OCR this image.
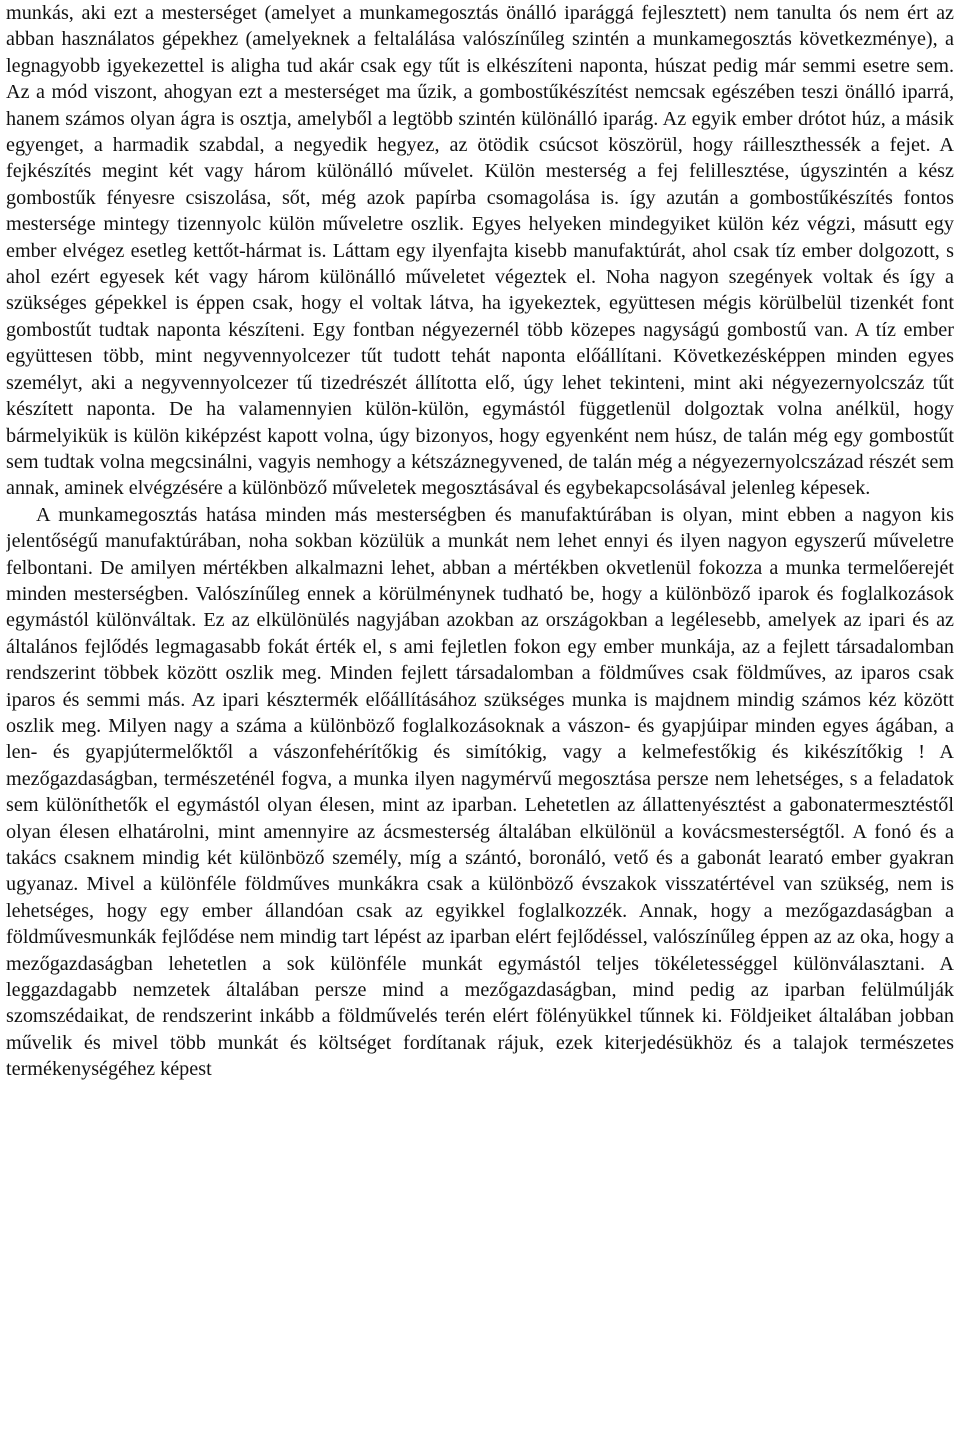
munkás, aki ezt a mesterséget (amelyet a munkamegosztás önálló iparággá fejlesztett) nem tanulta ós nem ért az abban használatos gépekhez (amelyeknek a feltalálása valószínűleg szintén a munkamegosztás következménye), a legnagyobb igyekezettel is aligha tud akár csak egy tűt is elkészíteni naponta, húszat pedig már semmi esetre sem. Az a mód viszont, ahogyan ezt a mesterséget ma űzik, a gombostűkészítést nemcsak egészében teszi önálló iparrá, hanem számos olyan ágra is osztja, amelyből a legtöbb szintén különálló iparág. Az egyik ember drótot húz, a másik egyenget, a harmadik szabdal, a negyedik hegyez, az ötödik csúcsot köszörül, hogy ráilleszthessék a fejet. A fejkészítés megint két vagy három különálló művelet. Külön mesterség a fej felillesztése, úgyszintén a kész gombostűk fényesre csiszolása, sőt, még azok papírba csomagolása is. így azután a gombostűkészítés fontos mestersége mintegy tizennyolc külön műveletre oszlik. Egyes helyeken mindegyiket külön kéz végzi, másutt egy ember elvégez esetleg kettőt-hármat is. Láttam egy ilyenfajta kisebb manufaktúrát, ahol csak tíz ember dolgozott, s ahol ezért egyesek két vagy három különálló műveletet végeztek el. Noha nagyon szegények voltak és így a szükséges gépekkel is éppen csak, hogy el voltak látva, ha igyekeztek, együttesen mégis körülbelül tizenkét font gombostűt tudtak naponta készíteni. Egy fontban négyezernél több közepes nagyságú gombostű van. A tíz ember együttesen több, mint negyvennyolcezer tűt tudott tehát naponta előállítani. Következésképpen minden egyes személyt, aki a negyvennyolcezer tű tizedrészét állította elő, úgy lehet tekinteni, mint aki négyezernyolcszáz tűt készített naponta. De ha valamennyien külön-külön, egymástól függetlenül dolgoztak volna anélkül, hogy bármelyikük is külön kiképzést kapott volna, úgy bizonyos, hogy egyenként nem húsz, de talán még egy gombostűt sem tudtak volna megcsinálni, vagyis nemhogy a kétszáznegyvened, de talán még a négyezernyolcszázad részét sem annak, aminek elvégzésére a különböző műveletek megosztásával és egybekapcsolásával jelenleg képesek.

A munkamegosztás hatása minden más mesterségben és manufaktúrában is olyan, mint ebben a nagyon kis jelentőségű manufaktúrában, noha sokban közülük a munkát nem lehet ennyi és ilyen nagyon egyszerű műveletre felbontani. De amilyen mértékben alkalmazni lehet, abban a mértékben okvetlenül fokozza a munka termelőerejét minden mesterségben. Valószínűleg ennek a körülménynek tudható be, hogy a különböző iparok és foglalkozások egymástól különváltak. Ez az elkülönülés nagyjában azokban az országokban a legélesebb, amelyek az ipari és az általános fejlődés legmagasabb fokát érték el, s ami fejletlen fokon egy ember munkája, az a fejlett társadalomban rendszerint többek között oszlik meg. Minden fejlett társadalomban a földműves csak földműves, az iparos csak iparos és semmi más. Az ipari késztermék előállításához szükséges munka is majdnem mindig számos kéz között oszlik meg. Milyen nagy a száma a különböző foglalkozásoknak a vászon- és gyapjúipar minden egyes ágában, a len- és gyapjútermelőktől a vászonfehérítőkig és simítókig, vagy a kelmefestőkig és kikészítőkig ! A mezőgazdaságban, természeténél fogva, a munka ilyen nagymérvű megosztása persze nem lehetséges, s a feladatok sem különíthetők el egymástól olyan élesen, mint az iparban. Lehetetlen az állattenyésztést a gabonatermesztéstől olyan élesen elhatárolni, mint amennyire az ácsmesterség általában elkülönül a kovácsmesterségtől. A fonó és a takács csaknem mindig két különböző személy, míg a szántó, boronáló, vető és a gabonát learató ember gyakran ugyanaz. Mivel a különféle földműves munkákra csak a különböző évszakok visszatértével van szükség, nem is lehetséges, hogy egy ember állandóan csak az egyikkel foglalkozzék. Annak, hogy a mezőgazdaságban a földművesmunkák fejlődése nem mindig tart lépést az iparban elért fejlődéssel, valószínűleg éppen az az oka, hogy a mezőgazdaságban lehetetlen a sok különféle munkát egymástól teljes tökéletességgel különválasztani. A leggazdagabb nemzetek általában persze mind a mezőgazdaságban, mind pedig az iparban felülmúlják szomszédaikat, de rendszerint inkább a földművelés terén elért fölényükkel tűnnek ki. Földjeiket általában jobban művelik és mivel több munkát és költséget fordítanak rájuk, ezek kiterjedésükhöz és a talajok természetes termékenységéhez képest
